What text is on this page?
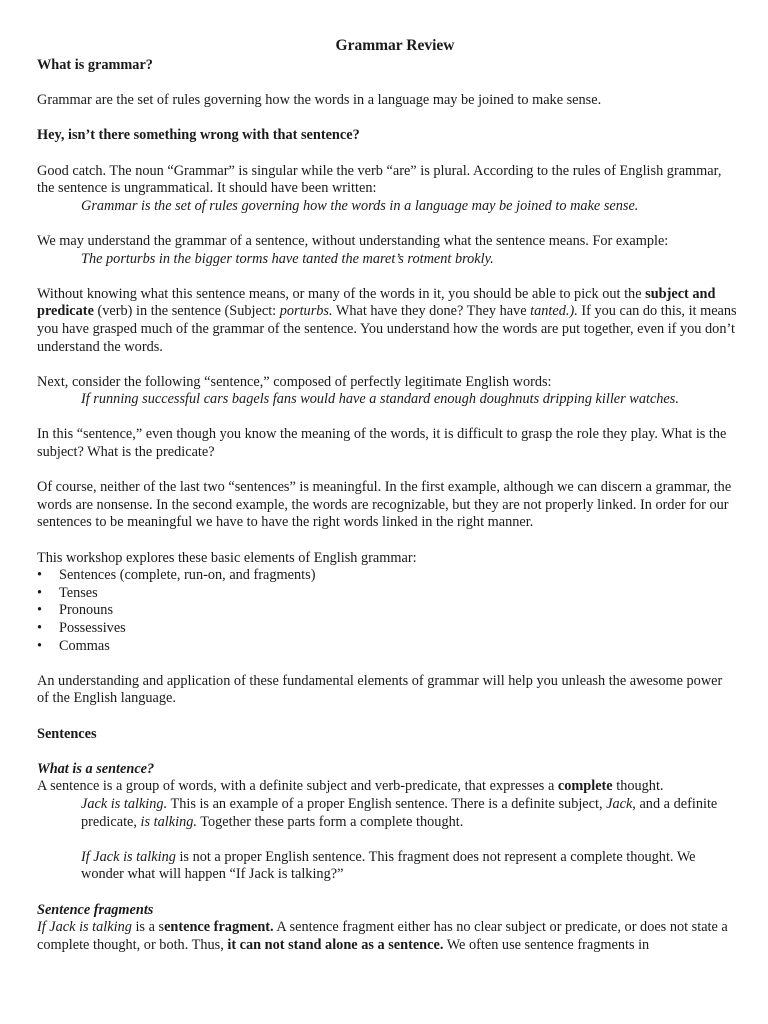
Grammar Review

What is grammar?

Grammar are the set of rules governing how the words in a language may be joined to make sense.

Hey, isn’t there something wrong with that sentence?

Good catch. The noun “Grammar” is singular while the verb “are” is plural. According to the rules of English grammar, the sentence is ungrammatical. It should have been written:

Grammar is the set of rules governing how the words in a language may be joined to make sense.

We may understand the grammar of a sentence, without understanding what the sentence means. For example:

The porturbs in the bigger torms have tanted the maret’s rotment brokly.

Without knowing what this sentence means, or many of the words in it, you should be able to pick out the subject and predicate (verb) in the sentence (Subject: porturbs. What have they done? They have tanted.). If you can do this, it means you have grasped much of the grammar of the sentence. You understand how the words are put together, even if you don’t understand the words.

Next, consider the following “sentence,” composed of perfectly legitimate English words:

If running successful cars bagels fans would have a standard enough doughnuts dripping killer watches.

In this “sentence,” even though you know the meaning of the words, it is difficult to grasp the role they play. What is the subject? What is the predicate?

Of course, neither of the last two “sentences” is meaningful. In the first example, although we can discern a grammar, the words are nonsense. In the second example, the words are recognizable, but they are not properly linked. In order for our sentences to be meaningful we have to have the right words linked in the right manner.

This workshop explores these basic elements of English grammar:

• Sentences (complete, run-on, and fragments)
• Tenses
• Pronouns
• Possessives
• Commas

An understanding and application of these fundamental elements of grammar will help you unleash the awesome power of the English language.

Sentences

What is a sentence?

A sentence is a group of words, with a definite subject and verb-predicate, that expresses a complete thought.

Jack is talking. This is an example of a proper English sentence. There is a definite subject, Jack, and a definite predicate, is talking. Together these parts form a complete thought.

If Jack is talking is not a proper English sentence. This fragment does not represent a complete thought. We wonder what will happen “If Jack is talking?”

Sentence fragments

If Jack is talking is a sentence fragment. A sentence fragment either has no clear subject or predicate, or does not state a complete thought, or both. Thus, it can not stand alone as a sentence. We often use sentence fragments in
